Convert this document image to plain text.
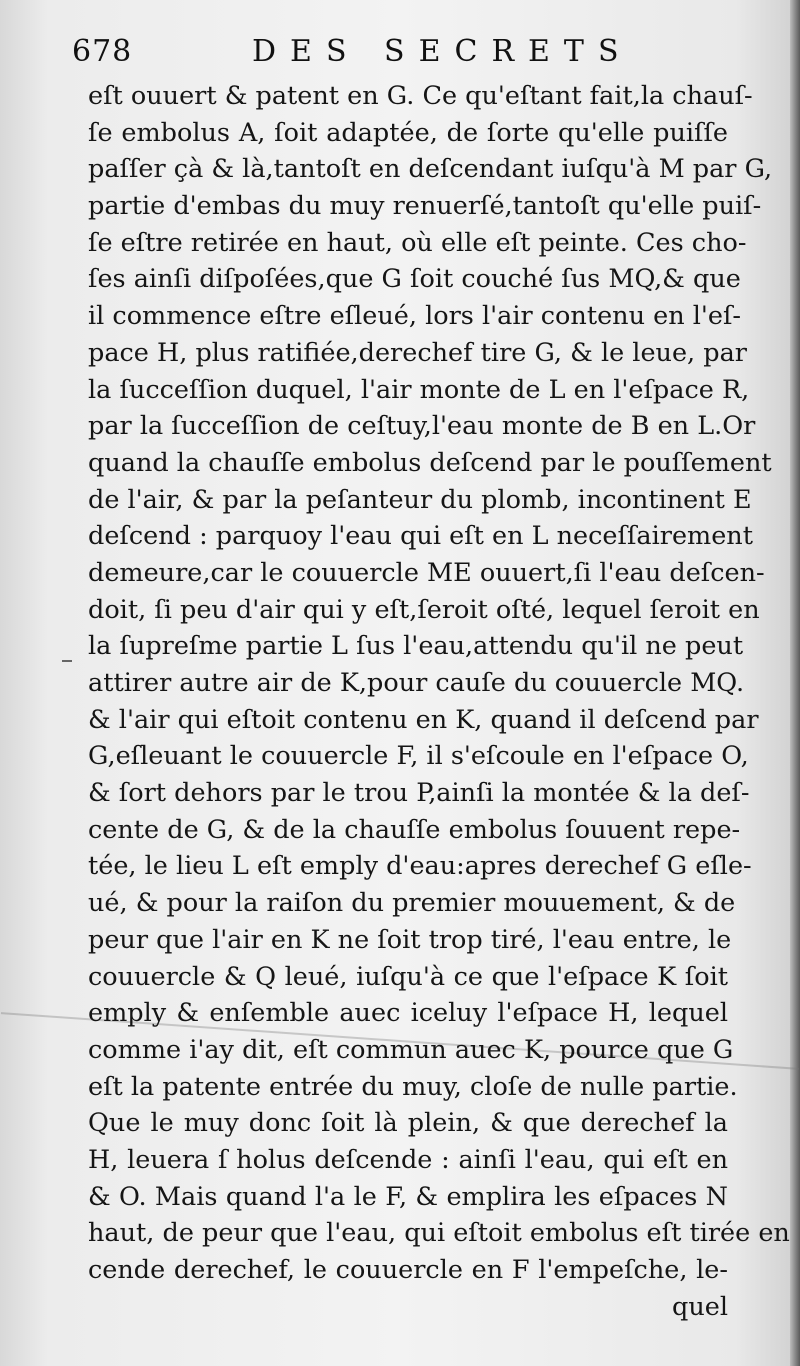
678	DES SECRETS
eſt ouuert & patent en G. Ce qu'eſtant fait,la chauſ-
ſe embolus A, ſoit adaptée, de ſorte qu'elle puiſſe
paſſer çà & là,tantoſt en deſcendant iuſqu'à M par G,
partie d'embas du muy renuerſé,tantoſt qu'elle puiſ-
ſe eſtre retirée en haut, où elle eſt peinte. Ces cho-
ſes ainſi diſpoſées,que G ſoit couché ſus MQ,& que
il commence eſtre eſleué, lors l'air contenu en l'eſ-
pace H, plus ratifiée,derechef tire G, & le leue, par
la ſucceſſion duquel, l'air monte de L en l'eſpace R,
par la ſucceſſion de ceſtuy,l'eau monte de B en L.Or
quand la chauſſe embolus deſcend par le pouſſement
de l'air, & par la peſanteur du plomb, incontinent E
deſcend : parquoy l'eau qui eſt en L neceſſairement
demeure,car le couuercle ME ouuert,ſi l'eau deſcen-
doit, ſi peu d'air qui y eſt,ſeroit oſté, lequel ſeroit en
la ſupreſme partie L ſus l'eau,attendu qu'il ne peut
attirer autre air de K,pour cauſe du couuercle MQ.
& l'air qui eſtoit contenu en K, quand il deſcend par
G,eſleuant le couuercle F, il s'eſcoule en l'eſpace O,
& ſort dehors par le trou P,ainſi la montée & la deſ-
cente de G, & de la chauſſe embolus ſouuent repe-
tée, le lieu L eſt emply d'eau:apres derechef G eſle-
ué, & pour la raiſon du premier mouuement, & de
peur que l'air en K ne ſoit trop tiré, l'eau entre, le
couuercle & Q leué, iuſqu'à ce que l'eſpace K ſoit
emply & enſemble auec iceluy l'eſpace H, lequel
comme i'ay dit, eſt commun auec K, pource que G
eſt la patente entrée du muy, cloſe de nulle partie.
Que le muy donc ſoit là plein, & que derechef la
H, leuera ſ holus deſcende : ainſi l'eau, qui eſt en
& O. Mais quand l'a le F, & emplira les eſpaces N
haut, de peur que l'eau, qui eſtoit embolus eſt tirée en
cende derechef, le couuercle en F l'empeſche, le-
quel
